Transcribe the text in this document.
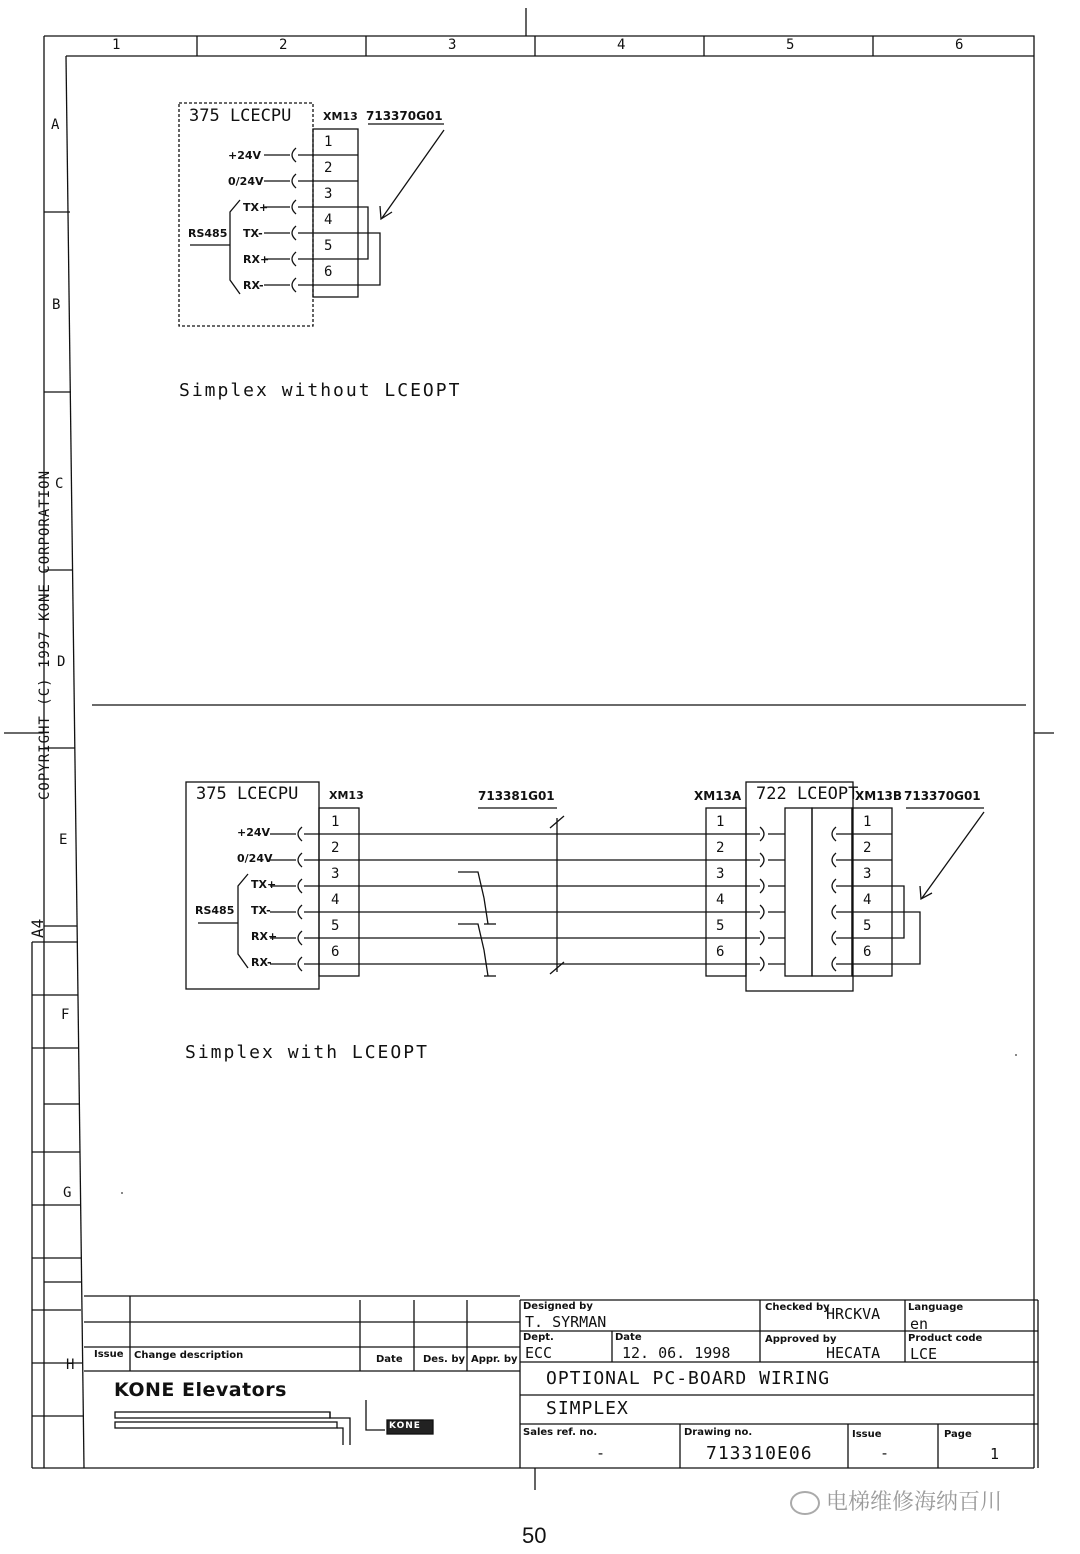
1	2	3	4	5	6
A
B
C
D
E
F
G
H
COPYRIGHT (C) 1997 KONE CORPORATION
A4
375 LCECPU	XM13 713370G01
RS485
+24V
0/24V
TX+
TX-
RX+
RX-
1
2
3
4
5
6
Simplex without LCEOPT
375 LCECPU	XM13	713381G01	XM13A 722 LCEOPT
XM13B 713370G01
RS485
+24V
0/24V
TX+
TX-
RX+
RX-
1
2
3
4
5
6
1
2
3
4
5
6
1
2
3
4
5
6
Simplex with LCEOPT
Issue Change description	Date Des. by Appr. by
KONE Elevators
KONE
Designed by
T. SYRMAN
Checked by
HRCKVA	Language
en
Dept.
ECC
Date
12. 06. 1998
Approved by
HECATA
Product code
LCE
OPTIONAL PC-BOARD WIRING
SIMPLEX
Sales ref. no.
-
Drawing no.
713310E06
Issue
-
Page
1
电梯维修海纳百川
50
